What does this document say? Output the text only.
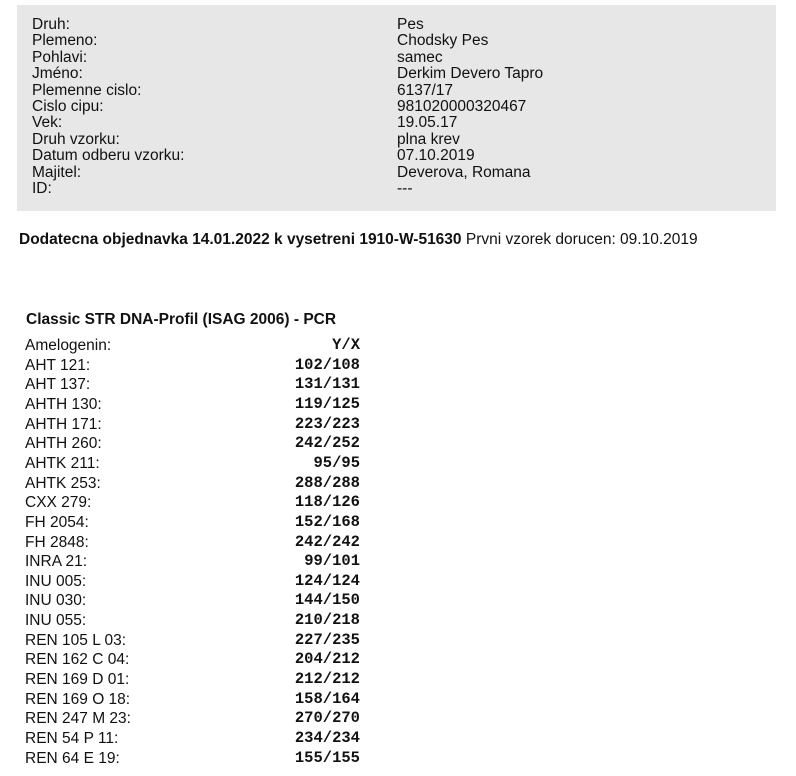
Druh:	Pes
Plemeno:	Chodsky Pes
Pohlavi:	samec
Jméno:	Derkim Devero Tapro
Plemenne cislo:	6137/17
Cislo cipu:	981020000320467
Vek:	19.05.17
Druh vzorku:	plna krev
Datum odberu vzorku:	07.10.2019
Majitel:	Deverova, Romana
ID:	---
Dodatecna objednavka 14.01.2022 k vysetreni 1910-W-51630 Prvni vzorek dorucen: 09.10.2019
Classic STR DNA-Profil (ISAG 2006) - PCR
Amelogenin:	Y/X
AHT 121:	102/108
AHT 137:	131/131
AHTH 130:	119/125
AHTH 171:	223/223
AHTH 260:	242/252
AHTK 211:	95/95
AHTK 253:	288/288
CXX 279:	118/126
FH 2054:	152/168
FH 2848:	242/242
INRA 21:	99/101
INU 005:	124/124
INU 030:	144/150
INU 055:	210/218
REN 105 L 03:	227/235
REN 162 C 04:	204/212
REN 169 D 01:	212/212
REN 169 O 18:	158/164
REN 247 M 23:	270/270
REN 54 P 11:	234/234
REN 64 E 19:	155/155
